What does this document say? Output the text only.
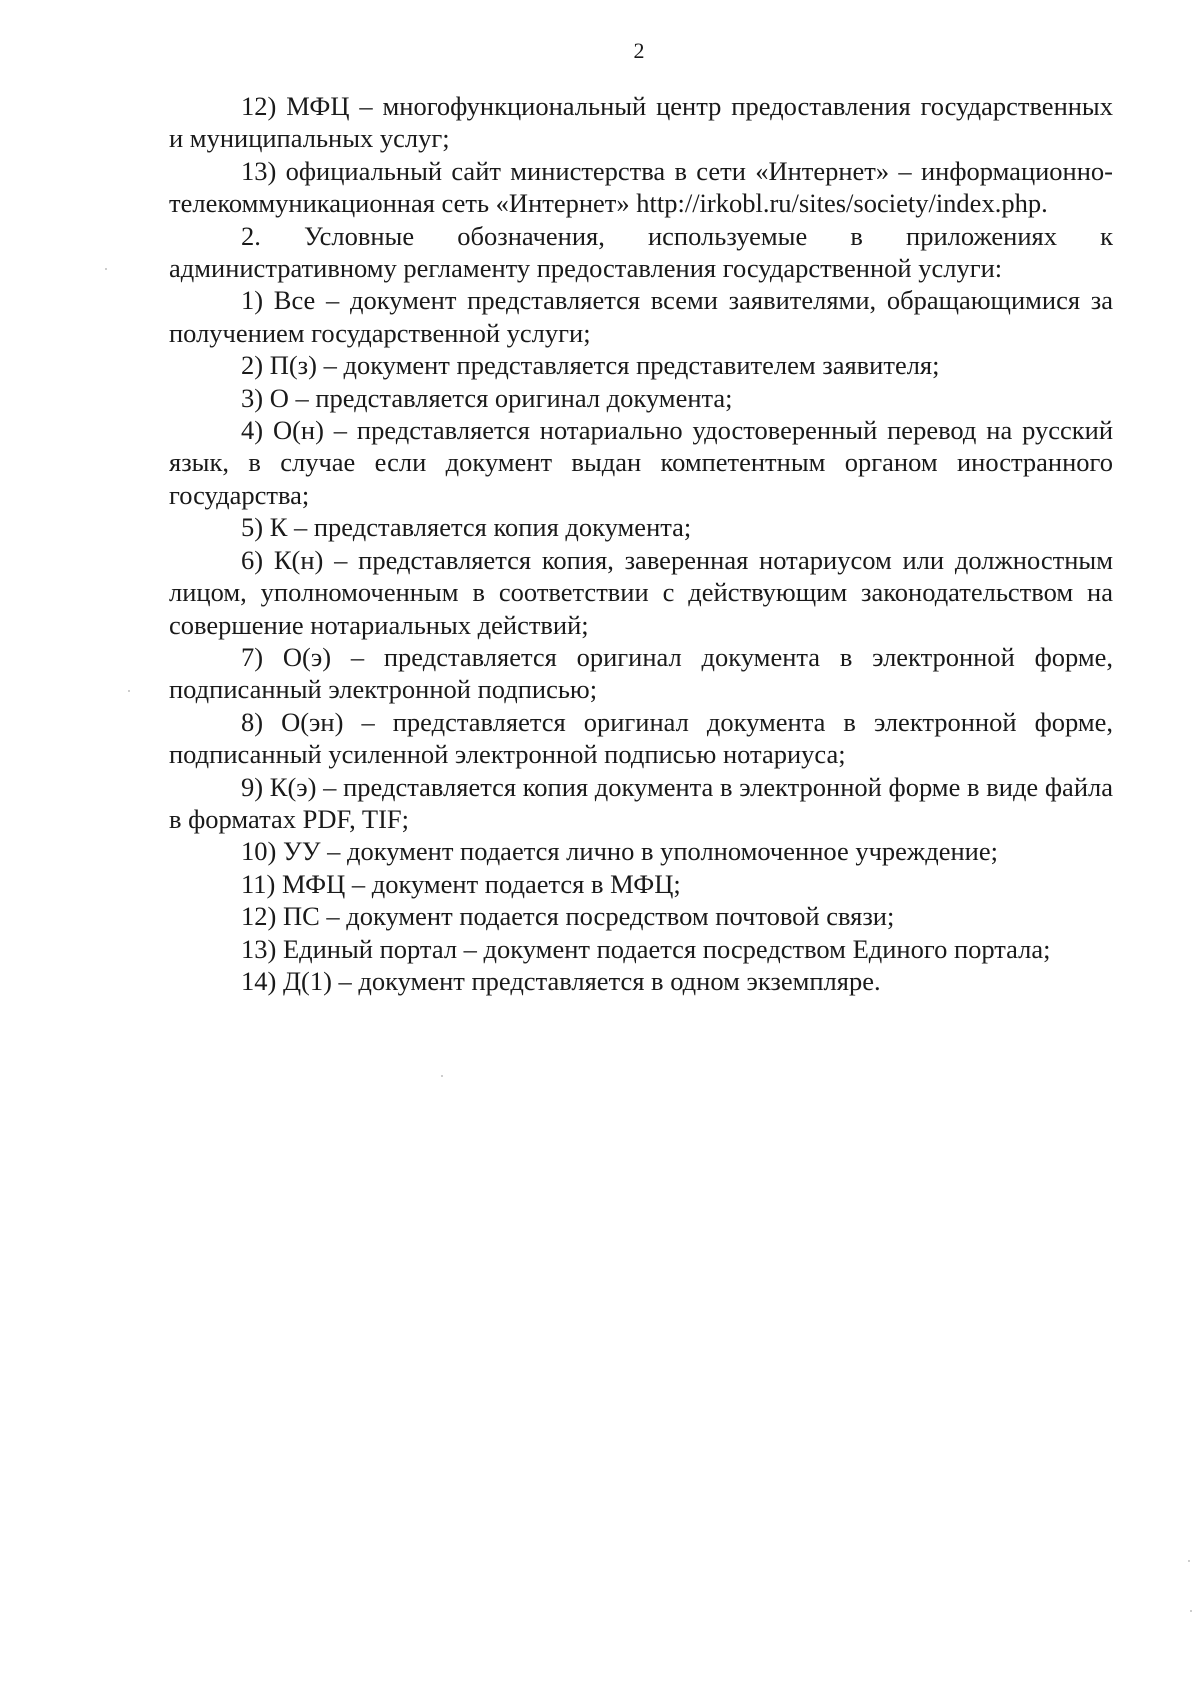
2

12) МФЦ – многофункциональный центр предоставления государственных и муниципальных услуг;

13) официальный сайт министерства в сети «Интернет» – информационно-телекоммуникационная сеть «Интернет» http://irkobl.ru/sites/society/index.php.

2. Условные обозначения, используемые в приложениях к административному регламенту предоставления государственной услуги:

1) Все – документ представляется всеми заявителями, обращающимися за получением государственной услуги;

2) П(з) – документ представляется представителем заявителя;

3) О – представляется оригинал документа;

4) О(н) – представляется нотариально удостоверенный перевод на русский язык, в случае если документ выдан компетентным органом иностранного государства;

5) К – представляется копия документа;

6) К(н) – представляется копия, заверенная нотариусом или должностным лицом, уполномоченным в соответствии с действующим законодательством на совершение нотариальных действий;

7) О(э) – представляется оригинал документа в электронной форме, подписанный электронной подписью;

8) О(эн) – представляется оригинал документа в электронной форме, подписанный усиленной электронной подписью нотариуса;

9) К(э) – представляется копия документа в электронной форме в виде файла в форматах PDF, TIF;

10) УУ – документ подается лично в уполномоченное учреждение;

11) МФЦ – документ подается в МФЦ;

12) ПС – документ подается посредством почтовой связи;

13) Единый портал – документ подается посредством Единого портала;

14) Д(1) – документ представляется в одном экземпляре.
